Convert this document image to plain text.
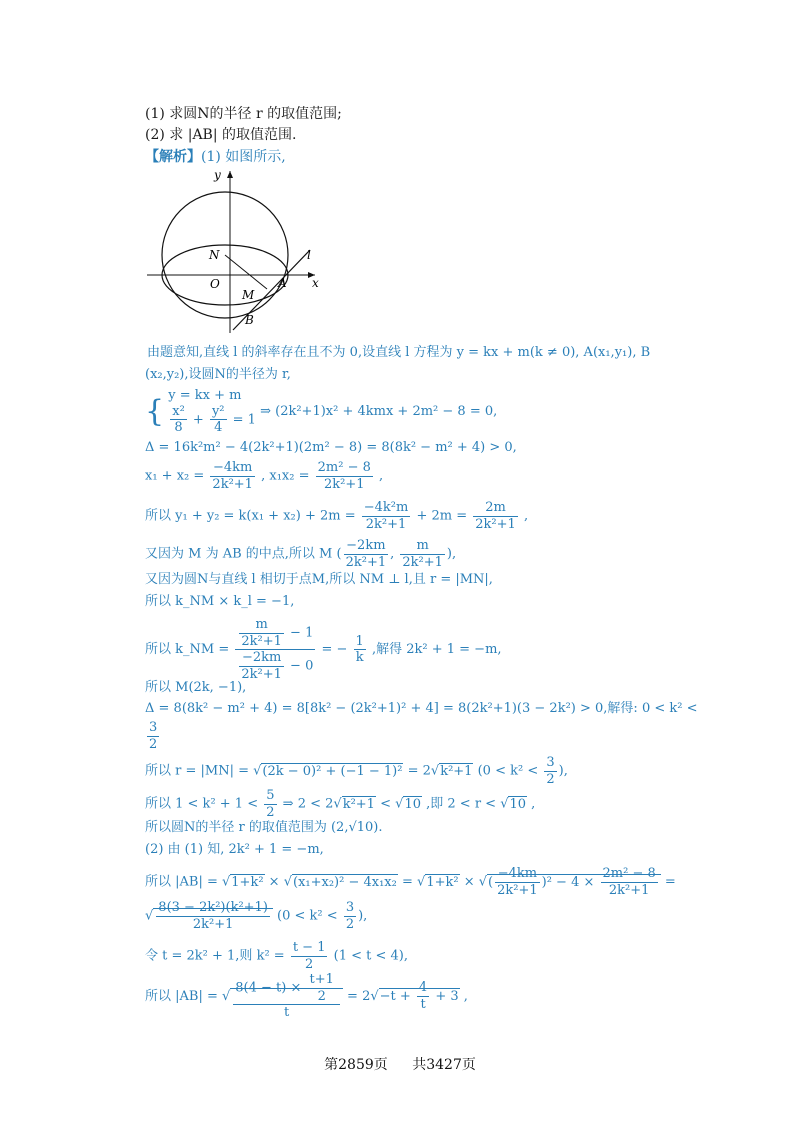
(1) 求圆N的半径 r 的取值范围;
(2) 求 |AB| 的取值范围.
【解析】(1) 如图所示,
y
x
N
O	A
M
B
l
由题意知,直线 l 的斜率存在且不为 0,设直线 l 方程为 y = kx + m(k ≠ 0), A(x₁,y₁), B
(x₂,y₂),设圆N的半径为 r,
{ y = kx + m
$\frac{\text{x²}}{8} + \frac{\text{y²}}{4} = 1$
⇒ (2k²+1)x² + 4kmx + 2m² − 8 = 0,
Δ = 16k²m² − 4(2k²+1)(2m² − 8) = 8(8k² − m² + 4) > 0,
$x_1 + x_2 = \frac{-4km}{\text{2k²+1}}$ , $x_1x_2 = \frac{\text{2m² − 8}}{\text{2k²+1}}$ ,
所以 $y_1 + y_2 = k(x_1 + x_2) + 2m = \frac{\text{−4k²m}}{\text{2k²+1}} + 2m = \frac{2m}{\text{2k²+1}}$ ,
又因为 M 为 AB 的中点,所以 M ( $\frac{-2km}{\text{2k²+1}}$ , $\frac{m}{\text{2k²+1}}$ ),
又因为圆N与直线 l 相切于点M,所以 NM ⊥ l,且 r = |MN|,
所以 k_NM × k_l = −1,
所以 k_NM = $\frac{\frac{m}{\text{2k²+1}} - 1}{\frac{-2km}{\text{2k²+1}} - 0}$ = − $\frac{1}{k}$ ,解得 2k² + 1 = −m,
所以 M(2k, −1),
Δ = 8(8k² − m² + 4) = 8[8k² − (2k²+1)² + 4] = 8(2k²+1)(3 − 2k²) > 0,解得: 0 < k² <
$\frac{3}{2}$
所以 r = |MN| = √(2k − 0)² + (−1 − 1)² = 2√k²+1 ($0 < k^2 < \frac{3}{2}$ ),
所以 $1 < k^2 + 1 < \frac{5}{2}$ ⇒ 2 < 2√k²+1 < √10 ,即 2 < r < √10 ,
所以圆N的半径 r 的取值范围为 (2,√10).
(2) 由 (1) 知, 2k² + 1 = −m,
所以 |AB| = √1+k² × √(x₁+x₂)² − 4x₁x₂ = √1+k² × √( $\frac{-4km}{\text{2k²+1}} )^2 - 4 \times \frac{\text{2m² − 8}}{\text{2k²+1}}$ =
√ $\frac{\text{8(3 − 2k²)(k²+1)}}{\text{2k²+1}} (0 < k^2 < \frac{3}{2}$ ),
令 t = 2k² + 1,则 $k^2 = \frac{t - 1}{2} (1 < t < 4)$,
所以 |AB| = √ $\frac{8(4 - t) \times \frac{t+1}{2}}{t} = 2√-t + \frac{4}{t} + 3$ ,
第2859页 共3427页
